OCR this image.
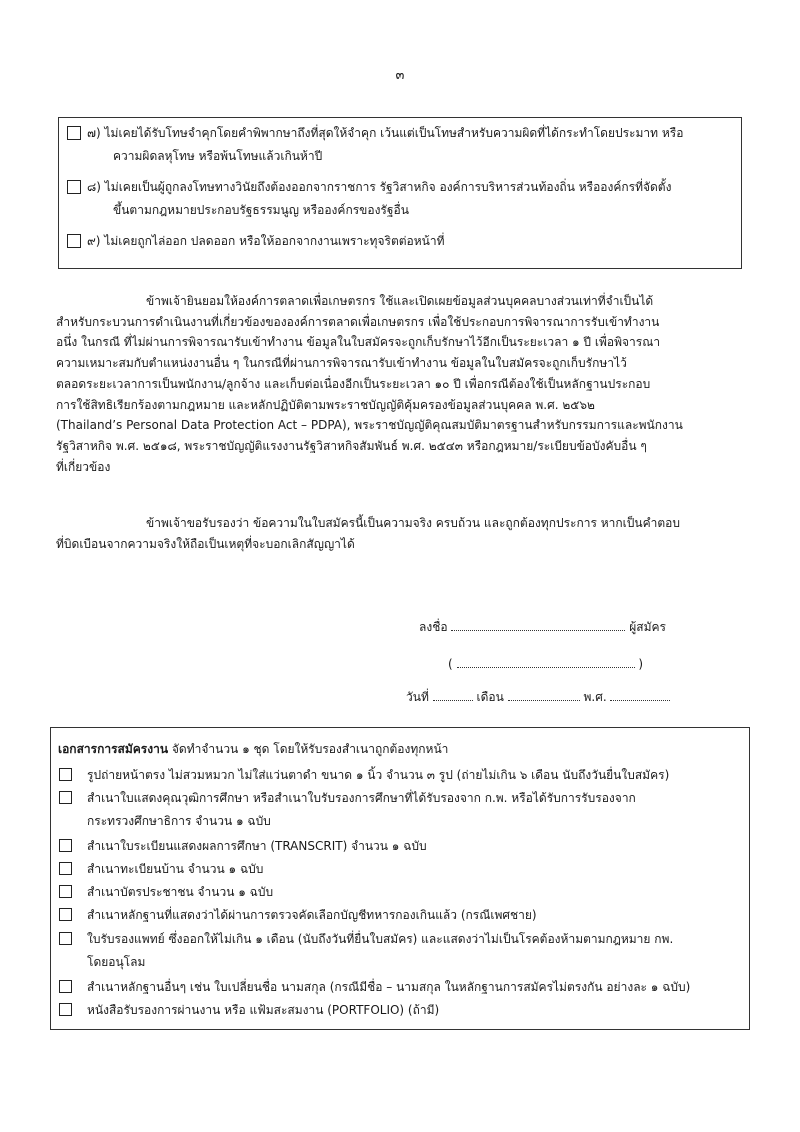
๓
๗) ไม่เคยได้รับโทษจำคุกโดยคำพิพากษาถึงที่สุดให้จำคุก เว้นแต่เป็นโทษสำหรับความผิดที่ได้กระทำโดยประมาท หรือ
ความผิดลหุโทษ หรือพ้นโทษแล้วเกินห้าปี
๘) ไม่เคยเป็นผู้ถูกลงโทษทางวินัยถึงต้องออกจากราชการ รัฐวิสาหกิจ องค์การบริหารส่วนท้องถิ่น หรือองค์กรที่จัดตั้ง
ขึ้นตามกฎหมายประกอบรัฐธรรมนูญ หรือองค์กรของรัฐอื่น
๙) ไม่เคยถูกไล่ออก ปลดออก หรือให้ออกจากงานเพราะทุจริตต่อหน้าที่
ข้าพเจ้ายินยอมให้องค์การตลาดเพื่อเกษตรกร ใช้และเปิดเผยข้อมูลส่วนบุคคลบางส่วนเท่าที่จำเป็นได้
สำหรับกระบวนการดำเนินงานที่เกี่ยวข้องขององค์การตลาดเพื่อเกษตรกร เพื่อใช้ประกอบการพิจารณาการรับเข้าทำงาน
อนึ่ง ในกรณี ที่ไม่ผ่านการพิจารณารับเข้าทำงาน ข้อมูลในใบสมัครจะถูกเก็บรักษาไว้อีกเป็นระยะเวลา ๑ ปี เพื่อพิจารณา
ความเหมาะสมกับตำแหน่งงานอื่น ๆ ในกรณีที่ผ่านการพิจารณารับเข้าทำงาน ข้อมูลในใบสมัครจะถูกเก็บรักษาไว้
ตลอดระยะเวลาการเป็นพนักงาน/ลูกจ้าง และเก็บต่อเนื่องอีกเป็นระยะเวลา ๑๐ ปี เพื่อกรณีต้องใช้เป็นหลักฐานประกอบ
การใช้สิทธิเรียกร้องตามกฎหมาย และหลักปฏิบัติตามพระราชบัญญัติคุ้มครองข้อมูลส่วนบุคคล พ.ศ. ๒๕๖๒
(Thailand’s Personal Data Protection Act – PDPA), พระราชบัญญัติคุณสมบัติมาตรฐานสำหรับกรรมการและพนักงาน
รัฐวิสาหกิจ พ.ศ. ๒๕๑๘, พระราชบัญญัติแรงงานรัฐวิสาหกิจสัมพันธ์ พ.ศ. ๒๕๔๓ หรือกฎหมาย/ระเบียบข้อบังคับอื่น ๆ
ที่เกี่ยวข้อง
ข้าพเจ้าขอรับรองว่า ข้อความในใบสมัครนี้เป็นความจริง ครบถ้วน และถูกต้องทุกประการ หากเป็นคำตอบ
ที่บิดเบือนจากความจริงให้ถือเป็นเหตุที่จะบอกเลิกสัญญาได้
ลงชื่อ	ผู้สมัคร
(	)
วันที่	เดือน	พ.ศ.
เอกสารการสมัครงาน จัดทำจำนวน ๑ ชุด โดยให้รับรองสำเนาถูกต้องทุกหน้า
รูปถ่ายหน้าตรง ไม่สวมหมวก ไม่ใส่แว่นตาดำ ขนาด ๑ นิ้ว จำนวน ๓ รูป (ถ่ายไม่เกิน ๖ เดือน นับถึงวันยื่นใบสมัคร)
สำเนาใบแสดงคุณวุฒิการศึกษา หรือสำเนาใบรับรองการศึกษาที่ได้รับรองจาก ก.พ. หรือได้รับการรับรองจาก
กระทรวงศึกษาธิการ จำนวน ๑ ฉบับ
สำเนาใบระเบียนแสดงผลการศึกษา (TRANSCRIT) จำนวน ๑ ฉบับ
สำเนาทะเบียนบ้าน จำนวน ๑ ฉบับ
สำเนาบัตรประชาชน จำนวน ๑ ฉบับ
สำเนาหลักฐานที่แสดงว่าได้ผ่านการตรวจคัดเลือกบัญชีทหารกองเกินแล้ว (กรณีเพศชาย)
ใบรับรองแพทย์ ซึ่งออกให้ไม่เกิน ๑ เดือน (นับถึงวันที่ยื่นใบสมัคร) และแสดงว่าไม่เป็นโรคต้องห้ามตามกฎหมาย กพ.
โดยอนุโลม
สำเนาหลักฐานอื่นๆ เช่น ใบเปลี่ยนชื่อ นามสกุล (กรณีมีชื่อ – นามสกุล ในหลักฐานการสมัครไม่ตรงกัน อย่างละ ๑ ฉบับ)
หนังสือรับรองการผ่านงาน หรือ แฟ้มสะสมงาน (PORTFOLIO) (ถ้ามี)
